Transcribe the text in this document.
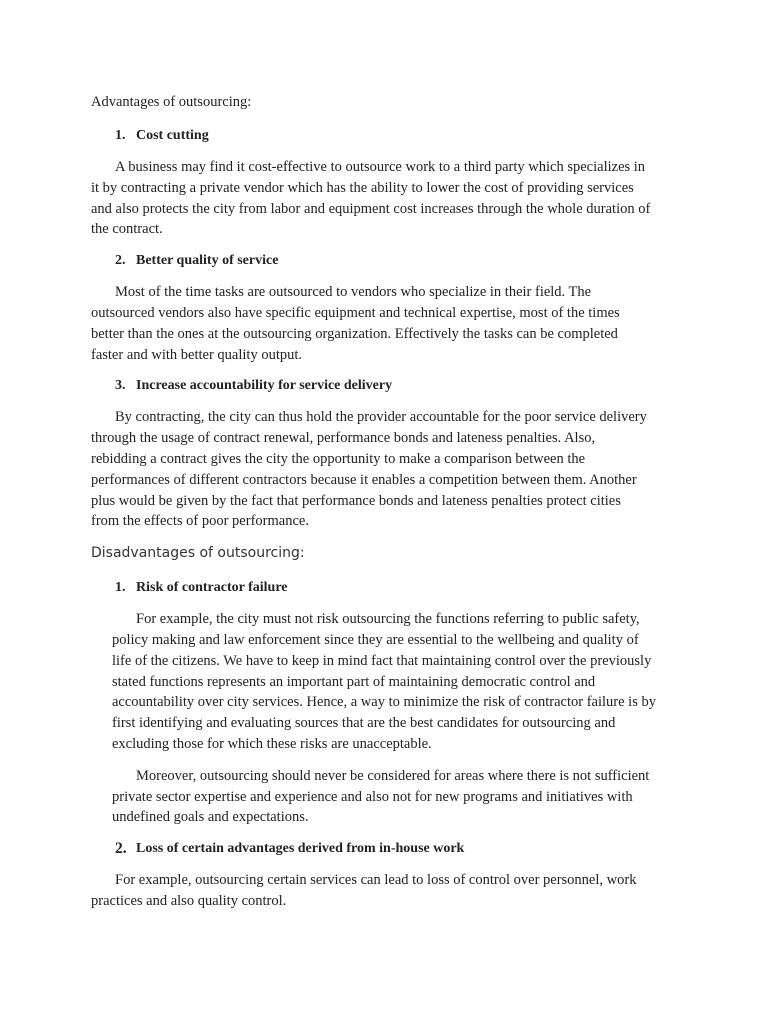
Advantages of outsourcing:
1. Cost cutting

A business may find it cost-effective to outsource work to a third party which specializes in it by contracting a private vendor which has the ability to lower the cost of providing services and also protects the city from labor and equipment cost increases through the whole duration of the contract.

2. Better quality of service

Most of the time tasks are outsourced to vendors who specialize in their field. The outsourced vendors also have specific equipment and technical expertise, most of the times better than the ones at the outsourcing organization. Effectively the tasks can be completed faster and with better quality output.

3. Increase accountability for service delivery

By contracting, the city can thus hold the provider accountable for the poor service delivery through the usage of contract renewal, performance bonds and lateness penalties. Also, rebidding a contract gives the city the opportunity to make a comparison between the performances of different contractors because it enables a competition between them. Another plus would be given by the fact that performance bonds and lateness penalties protect cities from the effects of poor performance.

Disadvantages of outsourcing:
1. Risk of contractor failure

For example, the city must not risk outsourcing the functions referring to public safety, policy making and law enforcement since they are essential to the wellbeing and quality of life of the citizens. We have to keep in mind fact that maintaining control over the previously stated functions represents an important part of maintaining democratic control and accountability over city services. Hence, a way to minimize the risk of contractor failure is by first identifying and evaluating sources that are the best candidates for outsourcing and excluding those for which these risks are unacceptable.

Moreover, outsourcing should never be considered for areas where there is not sufficient private sector expertise and experience and also not for new programs and initiatives with undefined goals and expectations.

2. Loss of certain advantages derived from in-house work

For example, outsourcing certain services can lead to loss of control over personnel, work practices and also quality control.
